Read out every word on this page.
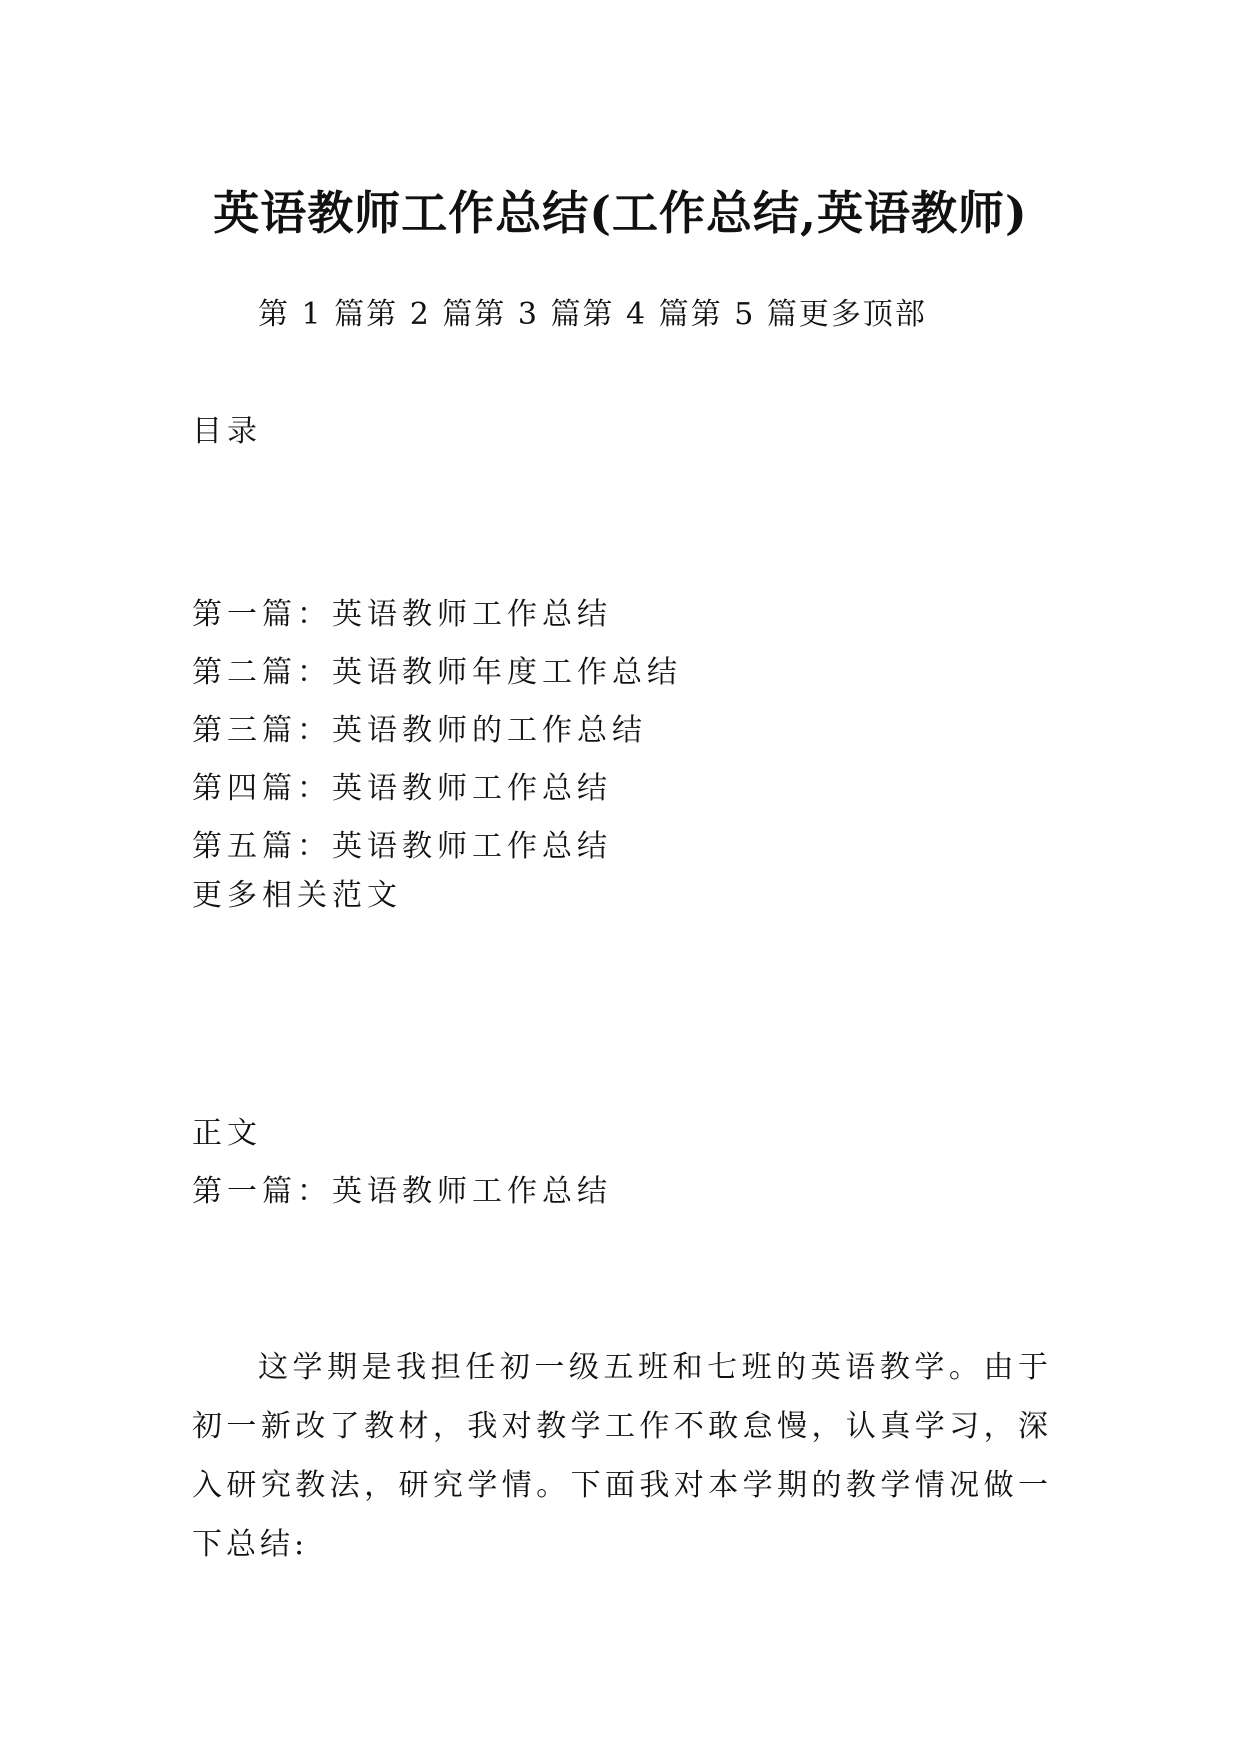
英语教师工作总结(工作总结,英语教师)
第 1 篇第 2 篇第 3 篇第 4 篇第 5 篇更多顶部
目录
第一篇：英语教师工作总结
第二篇：英语教师年度工作总结
第三篇：英语教师的工作总结
第四篇：英语教师工作总结
第五篇：英语教师工作总结
更多相关范文
正文
第一篇：英语教师工作总结

这学期是我担任初一级五班和七班的英语教学。由于初一新改了教材，我对教学工作不敢怠慢，认真学习，深入研究教法，研究学情。下面我对本学期的教学情况做一下总结:
